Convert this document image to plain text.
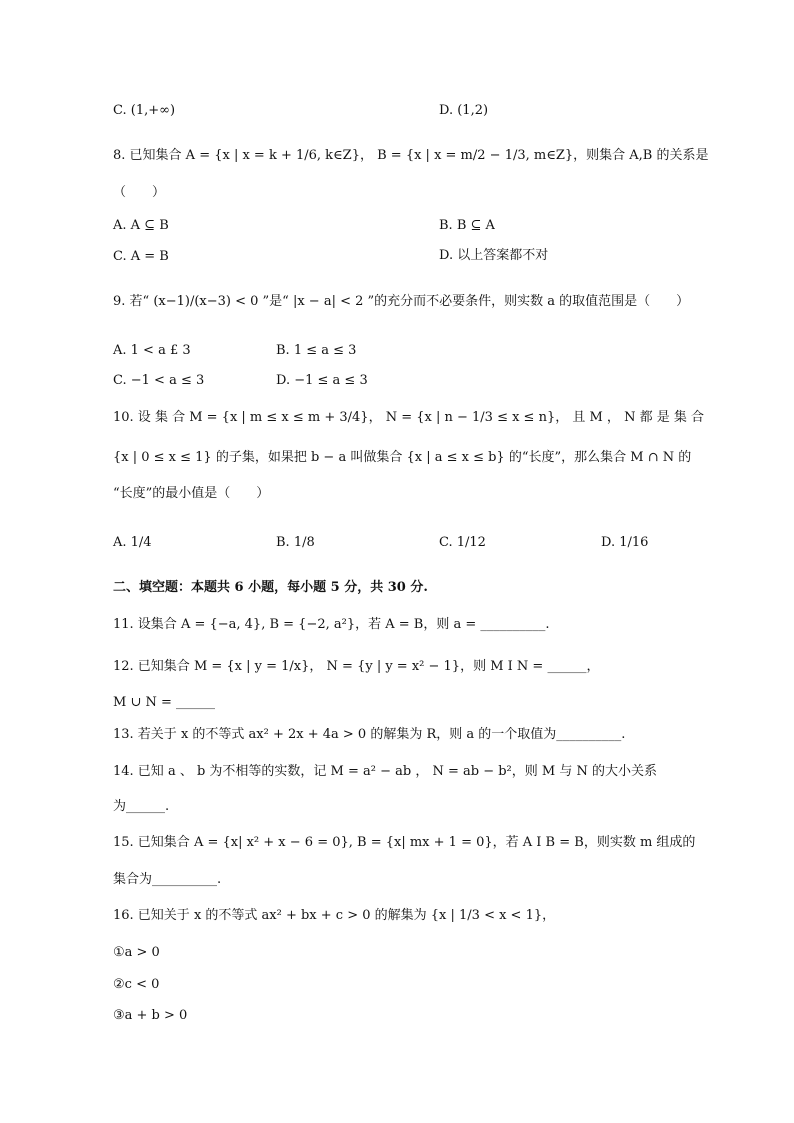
C. (1,+∞)	D. (1,2)
8. 已知集合 A = {x | x = k + 1/6, k∈Z}， B = {x | x = m/2 − 1/3, m∈Z}，则集合 A,B 的关系是
（　　）
A. A ⊆ B	B. B ⊆ A
C. A = B	D. 以上答案都不对
9. 若“ (x−1)/(x−3) < 0 ”是“ |x − a| < 2 ”的充分而不必要条件，则实数 a 的取值范围是（　　）
A. 1 < a £ 3	B. 1 ≤ a ≤ 3
C. −1 < a ≤ 3	D. −1 ≤ a ≤ 3
10. 设 集 合 M = {x | m ≤ x ≤ m + 3/4}， N = {x | n − 1/3 ≤ x ≤ n}， 且 M ， N 都 是 集 合
{x | 0 ≤ x ≤ 1} 的子集，如果把 b − a 叫做集合 {x | a ≤ x ≤ b} 的“长度”，那么集合 M ∩ N 的
“长度”的最小值是（　　）
A. 1/4	B. 1/8	C. 1/12	D. 1/16
二、填空题：本题共 6 小题，每小题 5 分，共 30 分.
11. 设集合 A = {−a, 4}, B = {−2, a²}，若 A = B，则 a = __________.
12. 已知集合 M = {x | y = 1/x}， N = {y | y = x² − 1}，则 M I N = ______，
M ∪ N = ______
13. 若关于 x 的不等式 ax² + 2x + 4a > 0 的解集为 R，则 a 的一个取值为__________.
14. 已知 a 、 b 为不相等的实数，记 M = a² − ab ， N = ab − b²，则 M 与 N 的大小关系
为______.
15. 已知集合 A = {x| x² + x − 6 = 0}, B = {x| mx + 1 = 0}，若 A I B = B，则实数 m 组成的
集合为__________.
16. 已知关于 x 的不等式 ax² + bx + c > 0 的解集为 {x | 1/3 < x < 1}，
①a > 0
②c < 0
③a + b > 0
